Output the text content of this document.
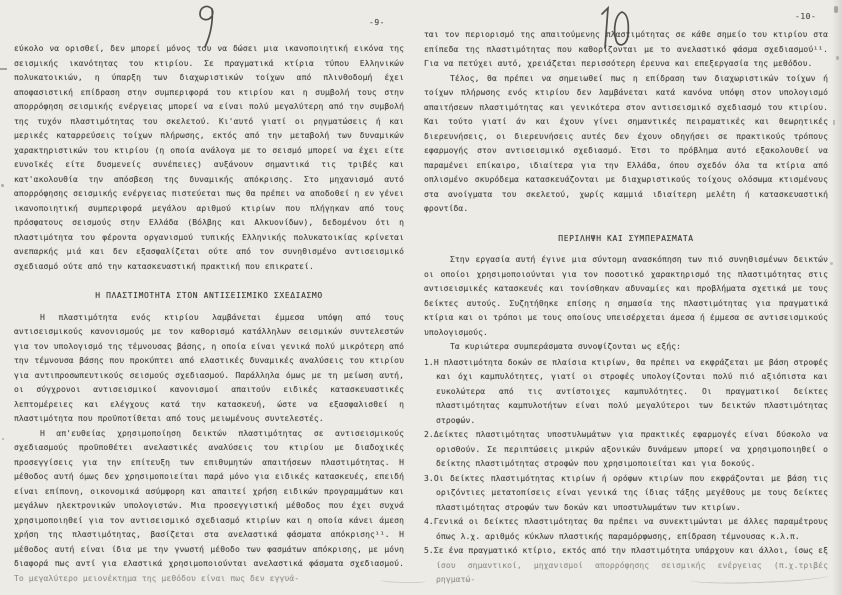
-9-
-10-

εύκολο να ορισθεί, δεν μπορεί μόνος του να δώσει μια ικανοποιητική εικόνα της σεισμικής ικανότητας του κτιρίου. Σε πραγματικά κτίρια τύπου Ελληνικών πολυκατοικιών, η ύπαρξη των διαχωριστικών τοίχων από πλινθοδομή έχει αποφασιστική επίδραση στην συμπεριφορά του κτιρίου και η συμβολή τους στην απορρόφηση σεισμικής ενέργειας μπορεί να είναι πολύ μεγαλύτερη από την συμβολή της τυχόν πλαστιμότητας του σκελετού. Κι'αυτό γιατί οι ρηγματώσεις ή και μερικές καταρρεύσεις τοίχων πλήρωσης, εκτός από την μεταβολή των δυναμικών χαρακτηριστικών του κτιρίου (η οποία ανάλογα με το σεισμό μπορεί να έχει είτε ευνοϊκές είτε δυσμενείς συνέπειες) αυξάνουν σημαντικά τις τριβές και κατ'ακολουθία την απόσβεση της δυναμικής απόκρισης. Στο μηχανισμό αυτό απορρόφησης σεισμικής ενέργειας πιστεύεται πως θα πρέπει να αποδοθεί η εν γένει ικανοποιητική συμπεριφορά μεγάλου αριθμού κτιρίων που πλήγηκαν από τους πρόσφατους σεισμούς στην Ελλάδα (Βόλβης και Αλκυονίδων), δεδομένου ότι η πλαστιμότητα του φέροντα οργανισμού τυπικής Ελληνικής πολυκατοικίας κρίνεται ανεπαρκής μιά και δεν εξασφαλίζεται ούτε από τον συνηθισμένο αντισεισμικό σχεδιασμό ούτε από την κατασκευαστική πρακτική που επικρατεί.

Η ΠΛΑΣΤΙΜΟΤΗΤΑ ΣΤΟΝ ΑΝΤΙΣΕΙΣΜΙΚΟ ΣΧΕΔΙΑΣΜΟ

Η πλαστιμότητα ενός κτιρίου λαμβάνεται έμμεσα υπόψη από τους αντισεισμικούς κανονισμούς με τον καθορισμό κατάλληλων σεισμικών συντελεστών για τον υπολογισμό της τέμνουσας βάσης, η οποία είναι γενικά πολύ μικρότερη από την τέμνουσα βάσης που προκύπτει από ελαστικές δυναμικές αναλύσεις του κτιρίου για αντιπροσωπευτικούς σεισμούς σχεδιασμού. Παράλληλα όμως με τη μείωση αυτή, οι σύγχρονοι αντισεισμικοί κανονισμοί απαιτούν ειδικές κατασκευαστικές λεπτομέρειες και ελέγχους κατά την κατασκευή, ώστε να εξασφαλισθεί η πλαστιμότητα που προϋποτίθεται από τους μειωμένους συντελεστές.

Η απ'ευθείας χρησιμοποίηση δεικτών πλαστιμότητας σε αντισεισμικούς σχεδιασμούς προϋποθέτει ανελαστικές αναλύσεις του κτιρίου με διαδοχικές προσεγγίσεις για την επίτευξη των επιθυμητών απαιτήσεων πλαστιμότητας. Η μέθοδος αυτή όμως δεν χρησιμοποιείται παρά μόνο για ειδικές κατασκευές, επειδή είναι επίπονη, οικονομικά ασύμφορη και απαιτεί χρήση ειδικών προγραμμάτων και μεγάλων ηλεκτρονικών υπολογιστών. Μια προσεγγιστική μέθοδος που έχει συχνά χρησιμοποιηθεί για τον αντισεισμικό σχεδιασμό κτιρίων και η οποία κάνει άμεση χρήση της πλαστιμότητας, βασίζεται στα ανελαστικά φάσματα απόκρισης¹¹. Η μέθοδος αυτή είναι ίδια με την γνωστή μέθοδο των φασμάτων απόκρισης, με μόνη διαφορά πως αντί για ελαστικά χρησιμοποιούνται ανελαστικά φάσματα σχεδιασμού. Το μεγαλύτερο μειονέκτημα της μεθόδου είναι πως δεν εγγυά-

ται τον περιορισμό της απαιτούμενης πλαστιμότητας σε κάθε σημείο του κτιρίου στα επίπεδα της πλαστιμότητας που καθορίζονται με το ανελαστικό φάσμα σχεδιασμού¹¹. Για να πετύχει αυτό, χρειάζεται περισσότερη έρευνα και επεξεργασία της μεθόδου.

Τέλος, θα πρέπει να σημειωθεί πως η επίδραση των διαχωριστικών τοίχων ή τοίχων πλήρωσης ενός κτιρίου δεν λαμβάνεται κατά κανόνα υπόψη στον υπολογισμό απαιτήσεων πλαστιμότητας και γενικότερα στον αντισεισμικό σχεδιασμό του κτιρίου. Και τούτο γιατί άν και έχουν γίνει σημαντικές πειραματικές και θεωρητικές διερευνήσεις, οι διερευνήσεις αυτές δεν έχουν οδηγήσει σε πρακτικούς τρόπους εφαρμογής στον αντισεισμικό σχεδιασμό. Έτσι το πρόβλημα αυτό εξακολουθεί να παραμένει επίκαιρο, ιδιαίτερα για την Ελλάδα, όπου σχεδόν όλα τα κτίρια από οπλισμένο σκυρόδεμα κατασκευάζονται με διαχωριστικούς τοίχους ολόσωμα κτισμένους στα ανοίγματα του σκελετού, χωρίς καμμιά ιδιαίτερη μελέτη ή κατασκευαστική φροντίδα.

ΠΕΡΙΛΗΨΗ ΚΑΙ ΣΥΜΠΕΡΑΣΜΑΤΑ

Στην εργασία αυτή έγινε μια σύντομη ανασκόπηση των πιό συνηθισμένων δεικτών οι οποίοι χρησιμοποιούνται για τον ποσοτικό χαρακτηρισμό της πλαστιμότητας στις αντισεισμικές κατασκευές και τονίσθηκαν αδυναμίες και προβλήματα σχετικά με τους δείκτες αυτούς. Συζητήθηκε επίσης η σημασία της πλαστιμότητας για πραγματικά κτίρια και οι τρόποι με τους οποίους υπεισέρχεται άμεσα ή έμμεσα σε αντισεισμικούς υπολογισμούς.

Τα κυριώτερα συμπεράσματα συνοψίζονται ως εξής:

1.Η πλαστιμότητα δοκών σε πλαίσια κτιρίων, θα πρέπει να εκφράζεται με βάση στροφές και όχι καμπυλότητες, γιατί οι στροφές υπολογίζονται πολύ πιό αξιόπιστα και ευκολώτερα από τις αντίστοιχες καμπυλότητες. Οι πραγματικοί δείκτες πλαστιμότητας καμπυλοτήτων είναι πολύ μεγαλύτεροι των δεικτών πλαστιμότητας στροφών.

2.Δείκτες πλαστιμότητας υποστυλωμάτων για πρακτικές εφαρμογές είναι δύσκολο να ορισθούν. Σε περιπτώσεις μικρών αξονικών δυνάμεων μπορεί να χρησιμοποιηθεί ο δείκτης πλαστιμότητας στροφών που χρησιμοποιείται και για δοκούς.

3.Οι δείκτες πλαστιμότητας κτιρίων ή ορόφων κτιρίων που εκφράζονται με βάση τις οριζόντιες μετατοπίσεις είναι γενικά της ίδιας τάξης μεγέθους με τους δείκτες πλαστιμότητας στροφών των δοκών και υποστυλωμάτων των κτιρίων.

4.Γενικά οι δείκτες πλαστιμότητας θα πρέπει να συνεκτιμώνται με άλλες παραμέτρους όπως λ.χ. αριθμός κύκλων πλαστικής παραμόρφωσης, επίδραση τέμνουσας κ.λ.π.

5.Σε ένα πραγματικό κτίριο, εκτός από την πλαστιμότητα υπάρχουν και άλλοι, ίσως εξ ίσου σημαντικοί, μηχανισμοί απορρόφησης σεισμικής ενέργειας (π.χ.τριβές ρηγματώ-
